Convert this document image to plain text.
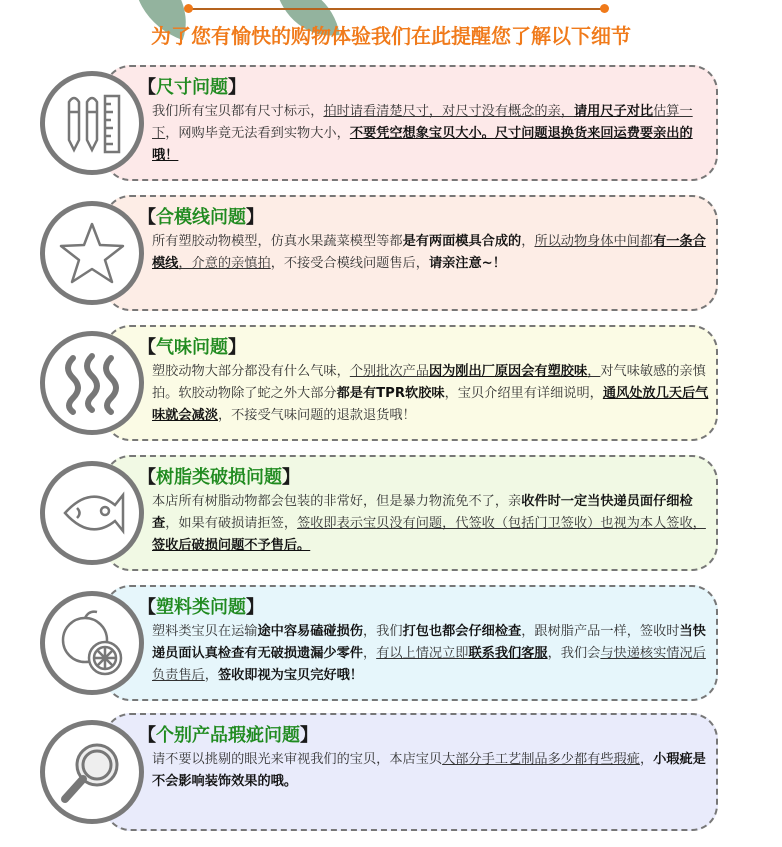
为了您有愉快的购物体验我们在此提醒您了解以下细节
【尺寸问题】

我们所有宝贝都有尺寸标示，拍时请看清楚尺寸，对尺寸没有概念的亲，请用尺子对比估算一下，网购毕竟无法看到实物大小，不要凭空想象宝贝大小。尺寸问题退换货来回运费要亲出的哦！

【合模线问题】

所有塑胶动物模型，仿真水果蔬菜模型等都是有两面模具合成的，所以动物身体中间都有一条合模线，介意的亲慎拍，不接受合模线问题售后，请亲注意~！

【气味问题】

塑胶动物大部分都没有什么气味，个别批次产品因为刚出厂原因会有塑胶味，对气味敏感的亲慎拍。软胶动物除了蛇之外大部分都是有TPR软胶味，宝贝介绍里有详细说明，通风处放几天后气味就会减淡，不接受气味问题的退款退货哦！

【树脂类破损问题】

本店所有树脂动物都会包装的非常好，但是暴力物流免不了，亲收件时一定当快递员面仔细检查，如果有破损请拒签，签收即表示宝贝没有问题，代签收（包括门卫签收）也视为本人签收，签收后破损问题不予售后。

【塑料类问题】

塑料类宝贝在运输途中容易磕碰损伤，我们打包也都会仔细检查，跟树脂产品一样，签收时当快递员面认真检查有无破损遗漏少零件，有以上情况立即联系我们客服，我们会与快递核实情况后负责售后，签收即视为宝贝完好哦！

【个别产品瑕疵问题】

请不要以挑剔的眼光来审视我们的宝贝，本店宝贝大部分手工艺制品多少都有些瑕疵，小瑕疵是不会影响装饰效果的哦。
